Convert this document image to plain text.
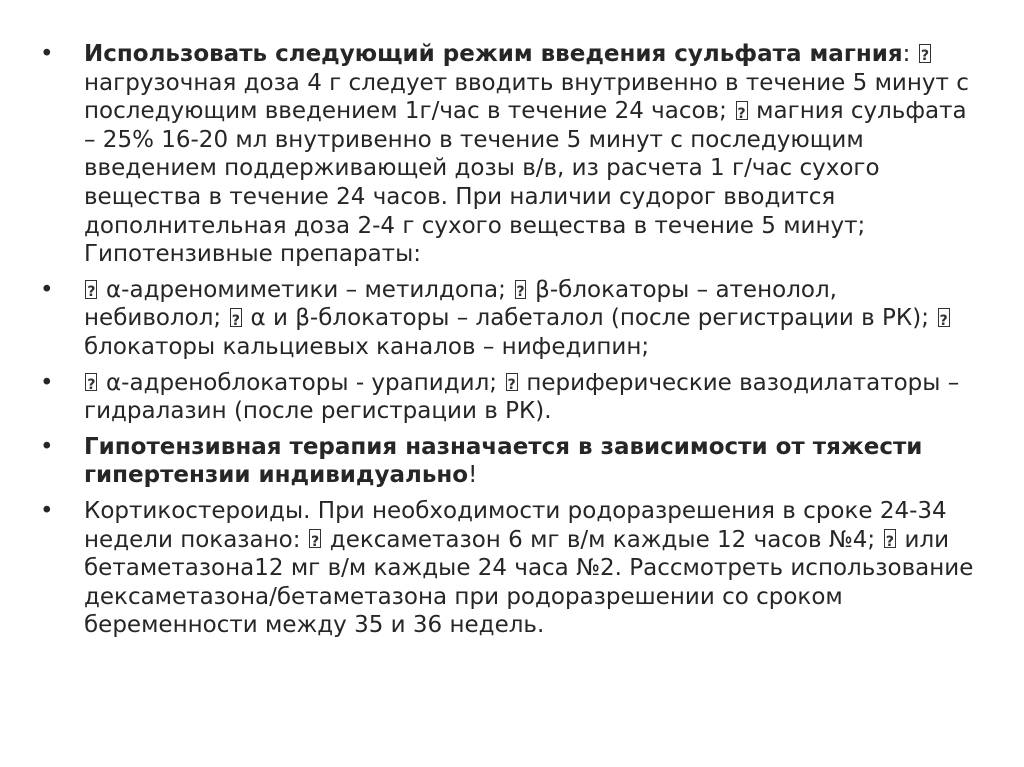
• Использовать следующий режим введения сульфата магния: ? нагрузочная доза 4 г следует вводить внутривенно в течение 5 минут с последующим введением 1г/час в течение 24 часов; ? магния сульфата – 25% 16-20 мл внутривенно в течение 5 минут с последующим введением поддерживающей дозы в/в, из расчета 1 г/час сухого вещества в течение 24 часов. При наличии судорог вводится дополнительная доза 2-4 г сухого вещества в течение 5 минут; Гипотензивные препараты:
• ? α-адреномиметики – метилдопа; ? β-блокаторы – атенолол, небиволол; ? α и β-блокаторы – лабеталол (после регистрации в РК); ? блокаторы кальциевых каналов – нифедипин;
• ? α-адреноблокаторы - урапидил; ? периферические вазодилататоры – гидралазин (после регистрации в РК).
• Гипотензивная терапия назначается в зависимости от тяжести гипертензии индивидуально!
• Кортикостероиды. При необходимости родоразрешения в сроке 24-34 недели показано: ? дексаметазон 6 мг в/м каждые 12 часов №4; ? или бетаметазона12 мг в/м каждые 24 часа №2. Рассмотреть использование дексаметазона/бетаметазона при родоразрешении со сроком беременности между 35 и 36 недель.
